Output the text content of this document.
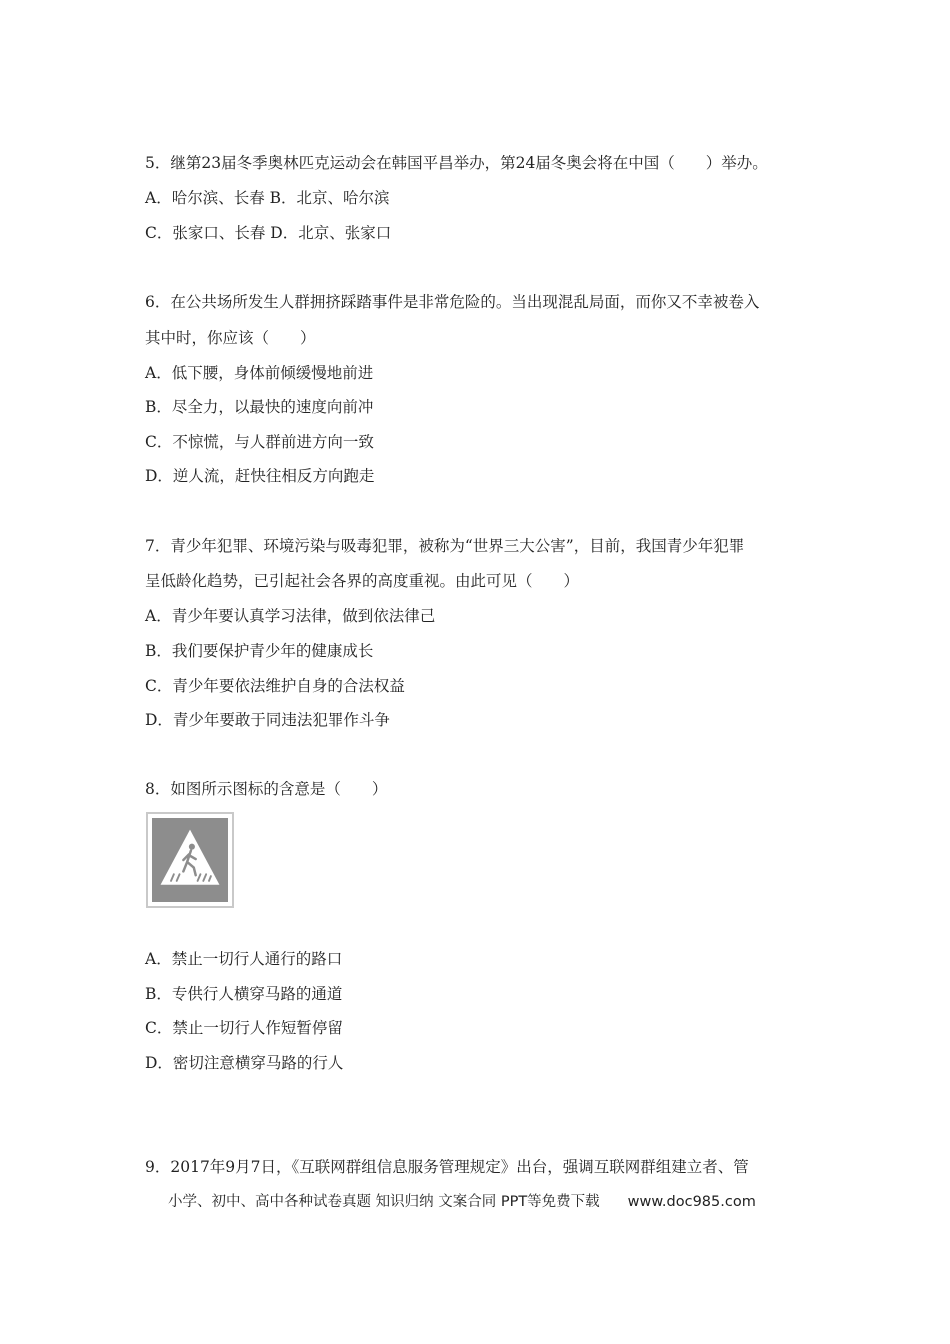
5．继第23届冬季奥林匹克运动会在韩国平昌举办，第24届冬奥会将在中国（　　）举办。
A．哈尔滨、长春 B．北京、哈尔滨
C．张家口、长春 D．北京、张家口
6．在公共场所发生人群拥挤踩踏事件是非常危险的。当出现混乱局面，而你又不幸被卷入
其中时，你应该（　　）
A．低下腰，身体前倾缓慢地前进
B．尽全力，以最快的速度向前冲
C．不惊慌，与人群前进方向一致
D．逆人流，赶快往相反方向跑走
7．青少年犯罪、环境污染与吸毒犯罪，被称为“世界三大公害”，目前，我国青少年犯罪
呈低龄化趋势，已引起社会各界的高度重视。由此可见（　　）
A．青少年要认真学习法律，做到依法律己
B．我们要保护青少年的健康成长
C．青少年要依法维护自身的合法权益
D．青少年要敢于同违法犯罪作斗争
8．如图所示图标的含意是（　　）
A．禁止一切行人通行的路口
B．专供行人横穿马路的通道
C．禁止一切行人作短暂停留
D．密切注意横穿马路的行人
9．2017年9月7日，《互联网群组信息服务管理规定》出台，强调互联网群组建立者、管
小学、初中、高中各种试卷真题 知识归纳 文案合同 PPT等免费下载 www.doc985.com
